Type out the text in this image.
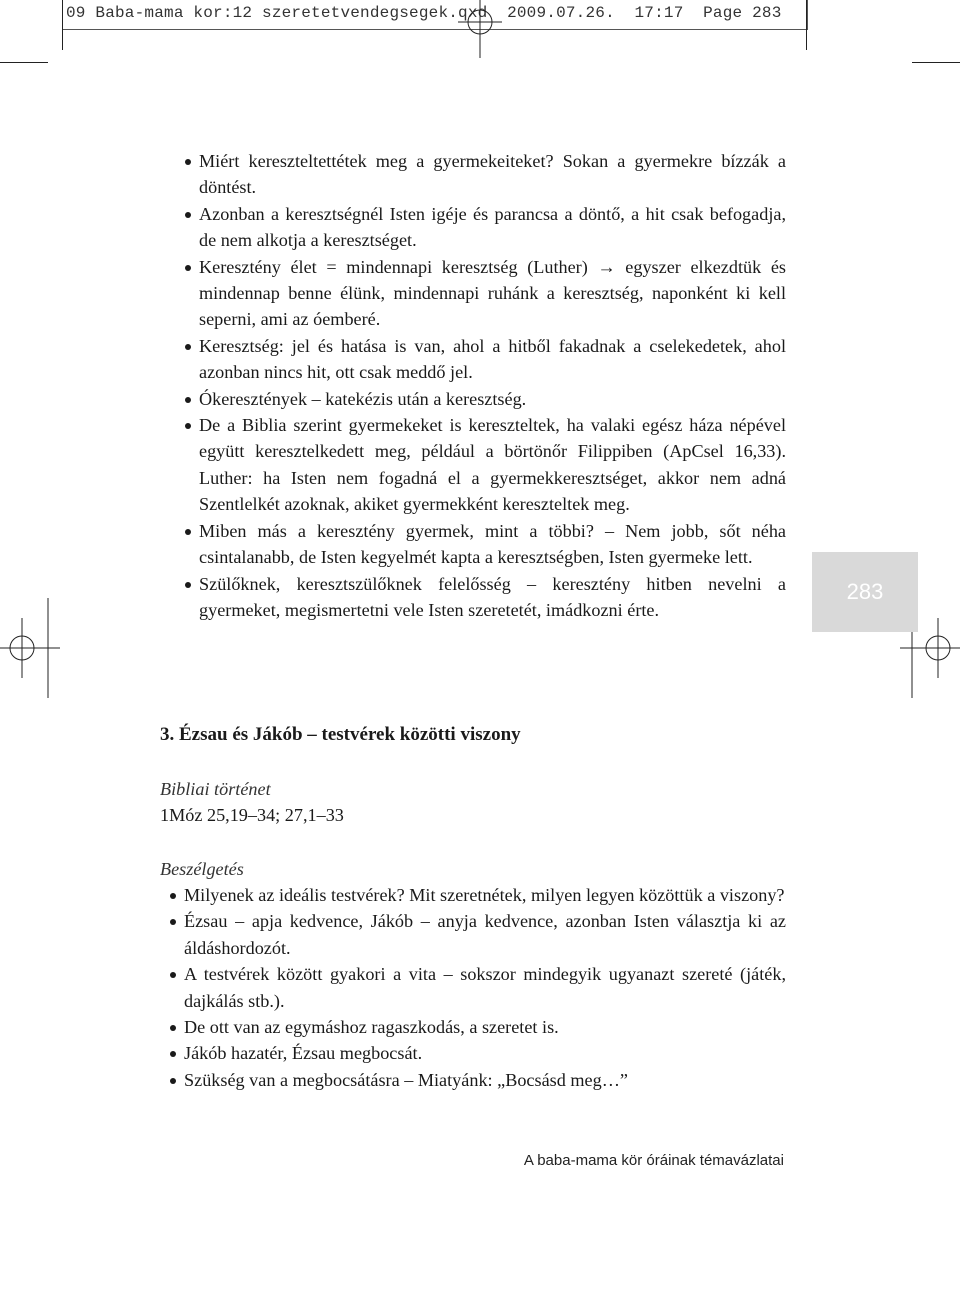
09 Baba-mama kor:12 szeretetvendegsegek.qxd  2009.07.26.  17:17  Page 283
Miért kereszteltettétek meg a gyermekeiteket? Sokan a gyermekre bízzák a döntést.
Azonban a keresztségnél Isten igéje és parancsa a döntő, a hit csak befogadja, de nem alkotja a keresztséget.
Keresztény élet = mindennapi keresztség (Luther) → egyszer elkezdtük és mindennap benne élünk, mindennapi ruhánk a keresztség, naponként ki kell seperni, ami az óemberé.
Keresztség: jel és hatása is van, ahol a hitből fakadnak a cselekedetek, ahol azonban nincs hit, ott csak meddő jel.
Ókeresztények – katekézis után a keresztség.
De a Biblia szerint gyermekeket is kereszteltek, ha valaki egész háza népével együtt keresztelkedett meg, például a börtönőr Filippiben (ApCsel 16,33). Luther: ha Isten nem fogadná el a gyermekkeresztséget, akkor nem adná Szentlelkét azoknak, akiket gyermekként kereszteltek meg.
Miben más a keresztény gyermek, mint a többi? – Nem jobb, sőt néha csintalanabb, de Isten kegyelmét kapta a keresztségben, Isten gyermeke lett.
Szülőknek, keresztszülőknek felelősség – keresztény hitben nevelni a gyermeket, megismertetni vele Isten szeretetét, imádkozni érte.
283
3. Ézsau és Jákób – testvérek közötti viszony
Bibliai történet
1Móz 25,19–34; 27,1–33
Beszélgetés
Milyenek az ideális testvérek? Mit szeretnétek, milyen legyen közöttük a viszony?
Ézsau – apja kedvence, Jákób – anyja kedvence, azonban Isten választja ki az áldáshordozót.
A testvérek között gyakori a vita – sokszor mindegyik ugyanazt szereté (játék, dajkálás stb.).
De ott van az egymáshoz ragaszkodás, a szeretet is.
Jákób hazatér, Ézsau megbocsát.
Szükség van a megbocsátásra – Miatyánk: „Bocsásd meg…”
A baba-mama kör óráinak témavázlatai
